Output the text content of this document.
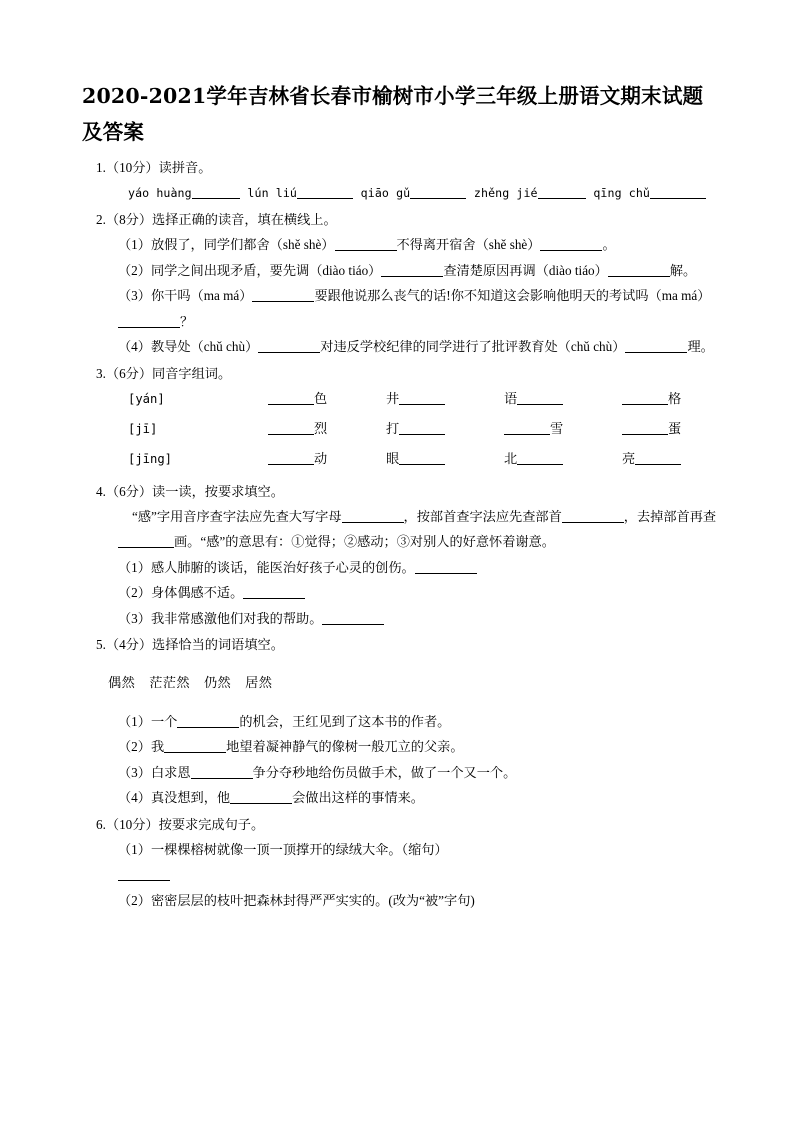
2020-2021学年吉林省长春市榆树市小学三年级上册语文期末试题及答案

1.（10分）读拼音。

yáo huàng	lún liú	qiāo gǔ	zhěng jié	qīng chǔ

2.（8分）选择正确的读音，填在横线上。

（1）放假了，同学们都舍（shě shè）	不得离开宿舍（shě shè）	。

（2）同学之间出现矛盾，要先调（diào tiáo）	查清楚原因再调（diào tiáo）	解。

（3）你干吗（ma má）	要跟他说那么丧气的话!你不知道这会影响他明天的考试吗（ma má）？

（4）教导处（chǔ chù）	对违反学校纪律的同学进行了批评教育处（chǔ chù）	理。

3.（6分）同音字组词。

[yán]	色	井	语	格
[jī]	烈	打	雪	蛋
[jīng]	动	眼	北	亮

4.（6分）读一读，按要求填空。

“感”字用音序查字法应先查大写字母	，按部首查字法应先查部首	，去掉部首再查画。“感”的意思有：①觉得；②感动；③对别人的好意怀着谢意。

（1）感人肺腑的谈话，能医治好孩子心灵的创伤。

（2）身体偶感不适。

（3）我非常感激他们对我的帮助。

5.（4分）选择恰当的词语填空。

偶然 茫茫然 仍然 居然

（1）一个	的机会，王红见到了这本书的作者。

（2）我	地望着凝神静气的像树一般兀立的父亲。

（3）白求恩	争分夺秒地给伤员做手术，做了一个又一个。

（4）真没想到，他	会做出这样的事情来。

6.（10分）按要求完成句子。

（1）一棵棵榕树就像一顶一顶撑开的绿绒大伞。（缩句）

（2）密密层层的枝叶把森林封得严严实实的。(改为“被”字句)
